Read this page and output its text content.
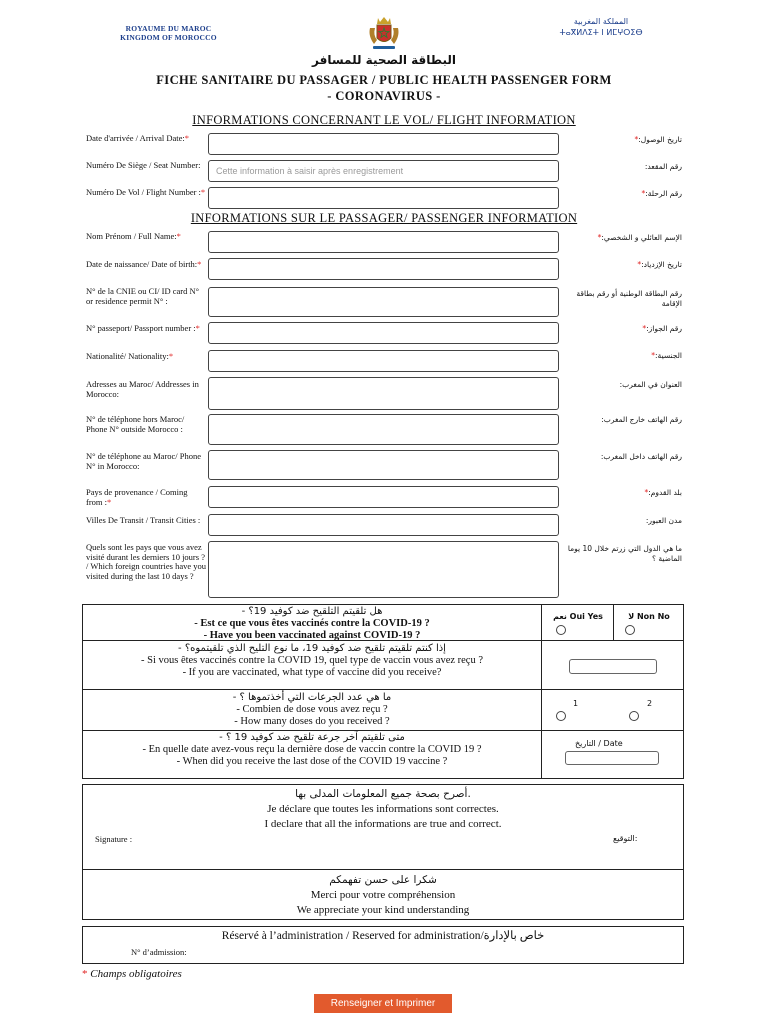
ROYAUME DU MAROC
KINGDOM OF MOROCCO
المملكة المغربية
ⵜⴰⴳⵍⴷⵉⵜ ⵏ ⵍⵎⵖⵔⵉⴱ
البطاقة الصحية للمسافر
FICHE SANITAIRE DU PASSAGER / PUBLIC HEALTH PASSENGER FORM
- CORONAVIRUS -
INFORMATIONS CONCERNANT LE VOL/ FLIGHT INFORMATION
Date d'arrivée / Arrival Date:*	تاريخ الوصول:*
Numéro De Siège / Seat Number:
Cette information à saisir après enregistrement	رقم المقعد:
Numéro De Vol / Flight Number :*	رقم الرحلة:*
INFORMATIONS SUR LE PASSAGER/ PASSENGER INFORMATION
Nom Prénom / Full Name:*	الإسم العائلي و الشخصي:*
Date de naissance/ Date of birth:*	تاريخ الإزدياد:*
N° de la CNIE ou CI/ ID card N° or residence permit N° :
رقم البطاقة الوطنية أو رقم بطاقة الإقامة
N° passeport/ Passport number :*	رقم الجواز:*
Nationalité/ Nationality:*	الجنسية:*
Adresses au Maroc/ Addresses in Morocco:
العنوان في المغرب:
N° de téléphone hors Maroc/ Phone N° outside Morocco :
رقم الهاتف خارج المغرب:
N° de téléphone au Maroc/ Phone N° in Morocco:
رقم الهاتف داخل المغرب:
Pays de provenance / Coming from :*
بلد القدوم:*
Villes De Transit / Transit Cities :	مدن العبور:
Quels sont les pays que vous avez visité durant les derniers 10 jours ? / Which foreign countries have you visited during the last 10 days ?
ما هي الدول التي زرتم خلال 10 يوما الماضية ؟
- هل تلقيتم التلقيح ضد كوفيد 19؟
- Est ce que vous êtes vaccinés contre la COVID-19 ?
- Have you been vaccinated against COVID-19 ?
نعم Oui Yes	لا Non No
- إذا كنتم تلقيتم تلقيح ضد كوفيد 19، ما نوع التليح الذي تلقيتموه؟
- Si vous êtes vaccinés contre la COVID 19, quel type de vaccin vous avez reçu ?
- If you are vaccinated, what type of vaccine did you receive?
- ما هي عدد الجرعات التي أخذتموها ؟
- Combien de dose vous avez reçu ?
- How many doses do you received ?
1	2
- متى تلقيتم آخر جرعة تلقيح ضد كوفيد 19 ؟
- En quelle date avez-vous reçu la dernière dose de vaccin contre la COVID 19 ?
- When did you receive the last dose of the COVID 19 vaccine ?
التاريخ / Date
أصرح بصحة جميع المعلومات المدلى بها.
Je déclare que toutes les informations sont correctes.
I declare that all the informations are true and correct.
Signature :	التوقيع:
شكرا على حسن تفهمكم
Merci pour votre compréhension
We appreciate your kind understanding
Réservé à l’administration / Reserved for administration/خاص بالإدارة
N° d’admission:
* Champs obligatoires
Renseigner et Imprimer
